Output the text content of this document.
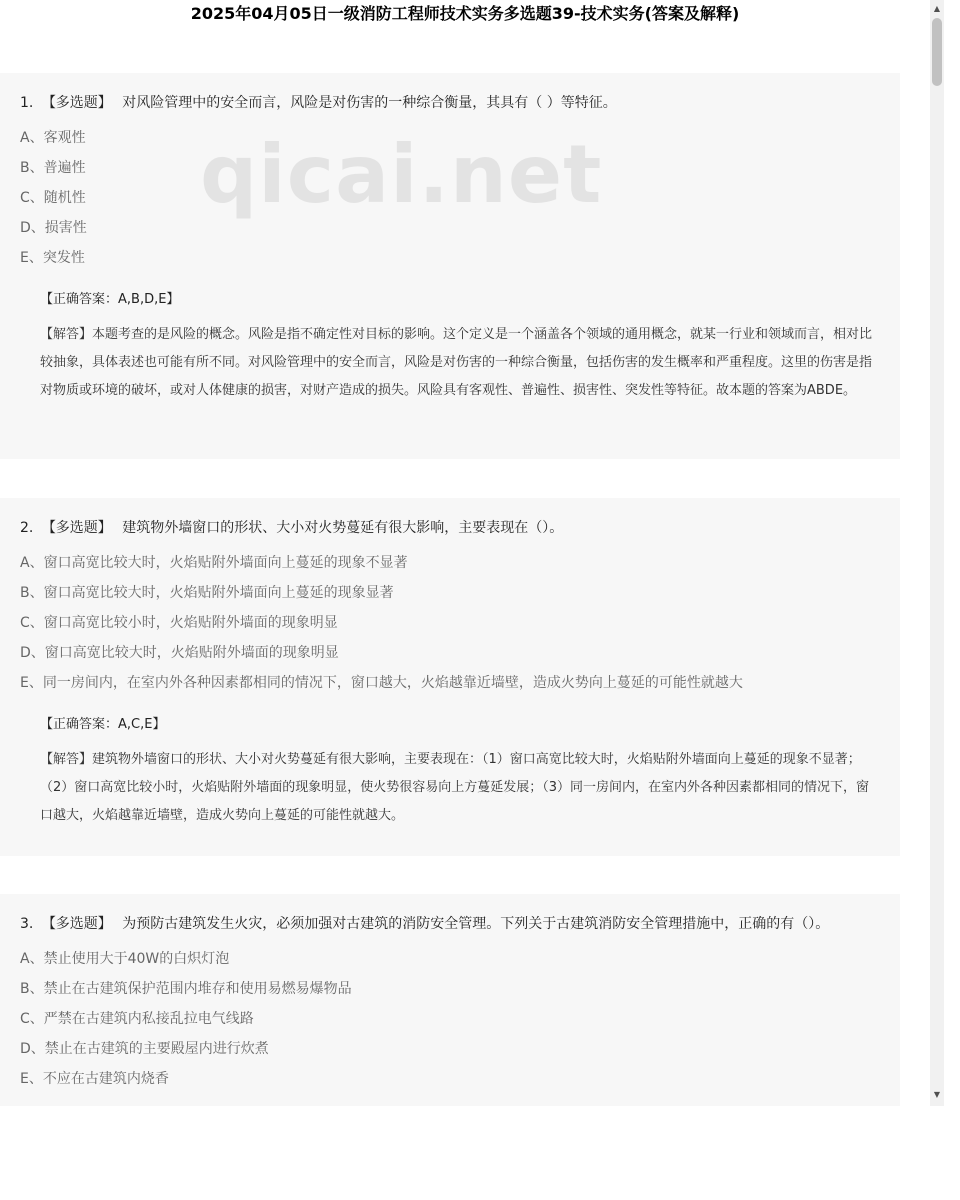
2025年04月05日一级消防工程师技术实务多选题39-技术实务(答案及解释)
1. 【多选题】 对风险管理中的安全而言，风险是对伤害的一种综合衡量，其具有（ ）等特征。
A、客观性
B、普遍性
C、随机性
D、损害性
E、突发性
【正确答案：A,B,D,E】

【解答】本题考查的是风险的概念。风险是指不确定性对目标的影响。这个定义是一个涵盖各个领域的通用概念，就某一行业和领域而言，相对比较抽象，具体表述也可能有所不同。对风险管理中的安全而言，风险是对伤害的一种综合衡量，包括伤害的发生概率和严重程度。这里的伤害是指对物质或环境的破坏，或对人体健康的损害，对财产造成的损失。风险具有客观性、普遍性、损害性、突发性等特征。故本题的答案为ABDE。

2. 【多选题】 建筑物外墙窗口的形状、大小对火势蔓延有很大影响，主要表现在（）。
A、窗口高宽比较大时，火焰贴附外墙面向上蔓延的现象不显著
B、窗口高宽比较大时，火焰贴附外墙面向上蔓延的现象显著
C、窗口高宽比较小时，火焰贴附外墙面的现象明显
D、窗口高宽比较大时，火焰贴附外墙面的现象明显
E、同一房间内，在室内外各种因素都相同的情况下，窗口越大，火焰越靠近墙壁，造成火势向上蔓延的可能性就越大
【正确答案：A,C,E】

【解答】建筑物外墙窗口的形状、大小对火势蔓延有很大影响，主要表现在：（1）窗口高宽比较大时，火焰贴附外墙面向上蔓延的现象不显著；（2）窗口高宽比较小时，火焰贴附外墙面的现象明显，使火势很容易向上方蔓延发展；（3）同一房间内，在室内外各种因素都相同的情况下，窗口越大，火焰越靠近墙壁，造成火势向上蔓延的可能性就越大。

3. 【多选题】 为预防古建筑发生火灾，必须加强对古建筑的消防安全管理。下列关于古建筑消防安全管理措施中，正确的有（）。
A、禁止使用大于40W的白炽灯泡
B、禁止在古建筑保护范围内堆存和使用易燃易爆物品
C、严禁在古建筑内私接乱拉电气线路
D、禁止在古建筑的主要殿屋内进行炊煮
E、不应在古建筑内烧香
▲
▼
